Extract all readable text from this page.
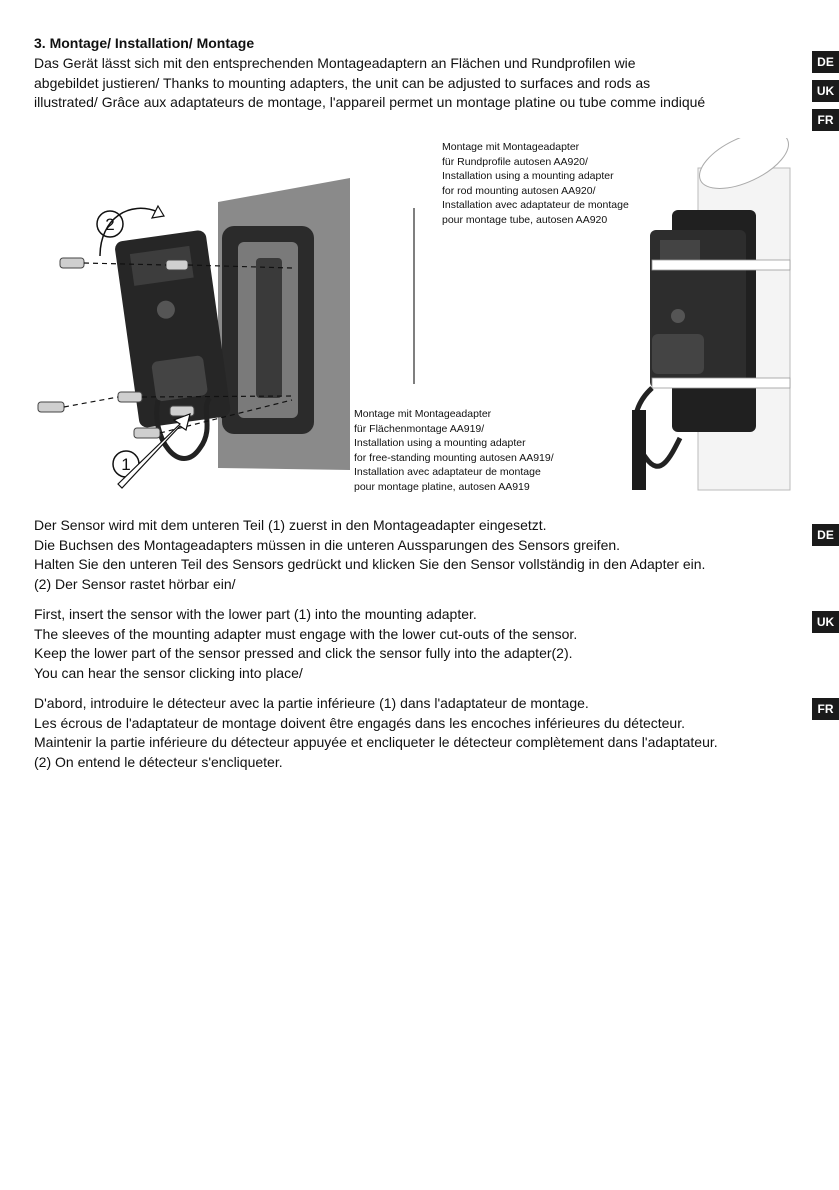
3. Montage/ Installation/ Montage
Das Gerät lässt sich mit den entsprechenden Montageadaptern an Flächen und Rundprofilen wie
abgebildet justieren/ Thanks to mounting adapters, the unit can be adjusted to surfaces and rods as
illustrated/ Grâce aux adaptateurs de montage, l'appareil permet un montage platine ou tube comme indiqué
DE
UK
FR
2
1
Montage mit Montageadapter
für Rundprofile autosen AA920/
Installation using a mounting adapter
for rod mounting autosen AA920/
Installation avec adaptateur de montage
pour montage tube, autosen AA920
Montage mit Montageadapter
für Flächenmontage AA919/
Installation using a mounting adapter
for free-standing mounting autosen AA919/
Installation avec adaptateur de montage
pour montage platine, autosen AA919
Der Sensor wird mit dem unteren Teil (1) zuerst in den Montageadapter eingesetzt.
Die Buchsen des Montageadapters müssen in die unteren Aussparungen des Sensors greifen.
Halten Sie den unteren Teil des Sensors gedrückt und klicken Sie den Sensor vollständig in den Adapter ein.
(2) Der Sensor rastet hörbar ein/
DE
First, insert the sensor with the lower part (1) into the mounting adapter.
The sleeves of the mounting adapter must engage with the lower cut-outs of the sensor.
Keep the lower part of the sensor pressed and click the sensor fully into the adapter(2).
You can hear the sensor clicking into place/
UK
D'abord, introduire le détecteur avec la partie inférieure (1) dans l'adaptateur de montage.
Les écrous de l'adaptateur de montage doivent être engagés dans les encoches inférieures du détecteur.
Maintenir la partie inférieure du détecteur appuyée et encliqueter le détecteur complètement dans l'adaptateur.
(2) On entend le détecteur s'encliqueter.
FR
